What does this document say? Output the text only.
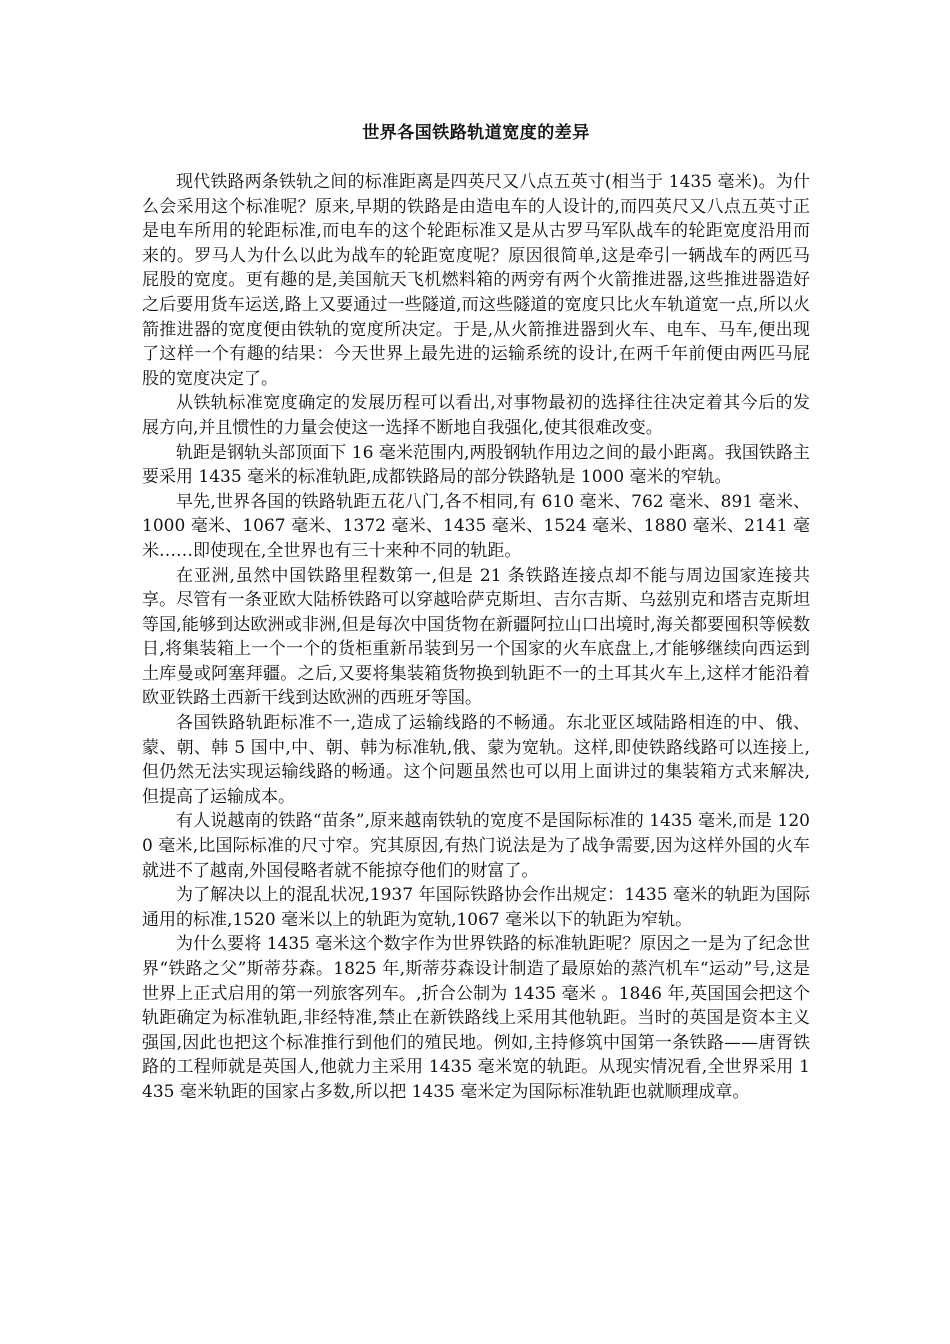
世界各国铁路轨道宽度的差异

现代铁路两条铁轨之间的标准距离是四英尺又八点五英寸(相当于 1435 毫米)。为什么会采用这个标准呢？原来,早期的铁路是由造电车的人设计的,而四英尺又八点五英寸正是电车所用的轮距标准,而电车的这个轮距标准又是从古罗马军队战车的轮距宽度沿用而来的。罗马人为什么以此为战车的轮距宽度呢？原因很简单,这是牵引一辆战车的两匹马屁股的宽度。更有趣的是,美国航天飞机燃料箱的两旁有两个火箭推进器,这些推进器造好之后要用货车运送,路上又要通过一些隧道,而这些隧道的宽度只比火车轨道宽一点,所以火箭推进器的宽度便由铁轨的宽度所决定。于是,从火箭推进器到火车、电车、马车,便出现了这样一个有趣的结果：今天世界上最先进的运输系统的设计,在两千年前便由两匹马屁股的宽度决定了。

从铁轨标准宽度确定的发展历程可以看出,对事物最初的选择往往决定着其今后的发展方向,并且惯性的力量会使这一选择不断地自我强化,使其很难改变。

轨距是钢轨头部顶面下 16 毫米范围内,两股钢轨作用边之间的最小距离。我国铁路主要采用 1435 毫米的标准轨距,成都铁路局的部分铁路轨是 1000 毫米的窄轨。

早先,世界各国的铁路轨距五花八门,各不相同,有 610 毫米、762 毫米、891 毫米、1000 毫米、1067 毫米、1372 毫米、1435 毫米、1524 毫米、1880 毫米、2141 毫米……即使现在,全世界也有三十来种不同的轨距。

在亚洲,虽然中国铁路里程数第一,但是 21 条铁路连接点却不能与周边国家连接共享。尽管有一条亚欧大陆桥铁路可以穿越哈萨克斯坦、吉尔吉斯、乌兹别克和塔吉克斯坦等国,能够到达欧洲或非洲,但是每次中国货物在新疆阿拉山口出境时,海关都要囤积等候数日,将集装箱上一个一个的货柜重新吊装到另一个国家的火车底盘上,才能够继续向西运到土库曼或阿塞拜疆。之后,又要将集装箱货物换到轨距不一的土耳其火车上,这样才能沿着欧亚铁路土西新干线到达欧洲的西班牙等国。

各国铁路轨距标准不一,造成了运输线路的不畅通。东北亚区域陆路相连的中、俄、蒙、朝、韩 5 国中,中、朝、韩为标准轨,俄、蒙为宽轨。这样,即使铁路线路可以连接上,但仍然无法实现运输线路的畅通。这个问题虽然也可以用上面讲过的集装箱方式来解决,但提高了运输成本。

有人说越南的铁路“苗条”,原来越南铁轨的宽度不是国际标准的 1435 毫米,而是 1200 毫米,比国际标准的尺寸窄。究其原因,有热门说法是为了战争需要,因为这样外国的火车就进不了越南,外国侵略者就不能掠夺他们的财富了。

为了解决以上的混乱状况,1937 年国际铁路协会作出规定：1435 毫米的轨距为国际通用的标准,1520 毫米以上的轨距为宽轨,1067 毫米以下的轨距为窄轨。

为什么要将 1435 毫米这个数字作为世界铁路的标准轨距呢？原因之一是为了纪念世界“铁路之父”斯蒂芬森。1825 年,斯蒂芬森设计制造了最原始的蒸汽机车“运动”号,这是世界上正式启用的第一列旅客列车。,折合公制为 1435 毫米 。1846 年,英国国会把这个轨距确定为标准轨距,非经特准,禁止在新铁路线上采用其他轨距。当时的英国是资本主义强国,因此也把这个标准推行到他们的殖民地。例如,主持修筑中国第一条铁路——唐胥铁路的工程师就是英国人,他就力主采用 1435 毫米宽的轨距。从现实情况看,全世界采用 1435 毫米轨距的国家占多数,所以把 1435 毫米定为国际标准轨距也就顺理成章。
